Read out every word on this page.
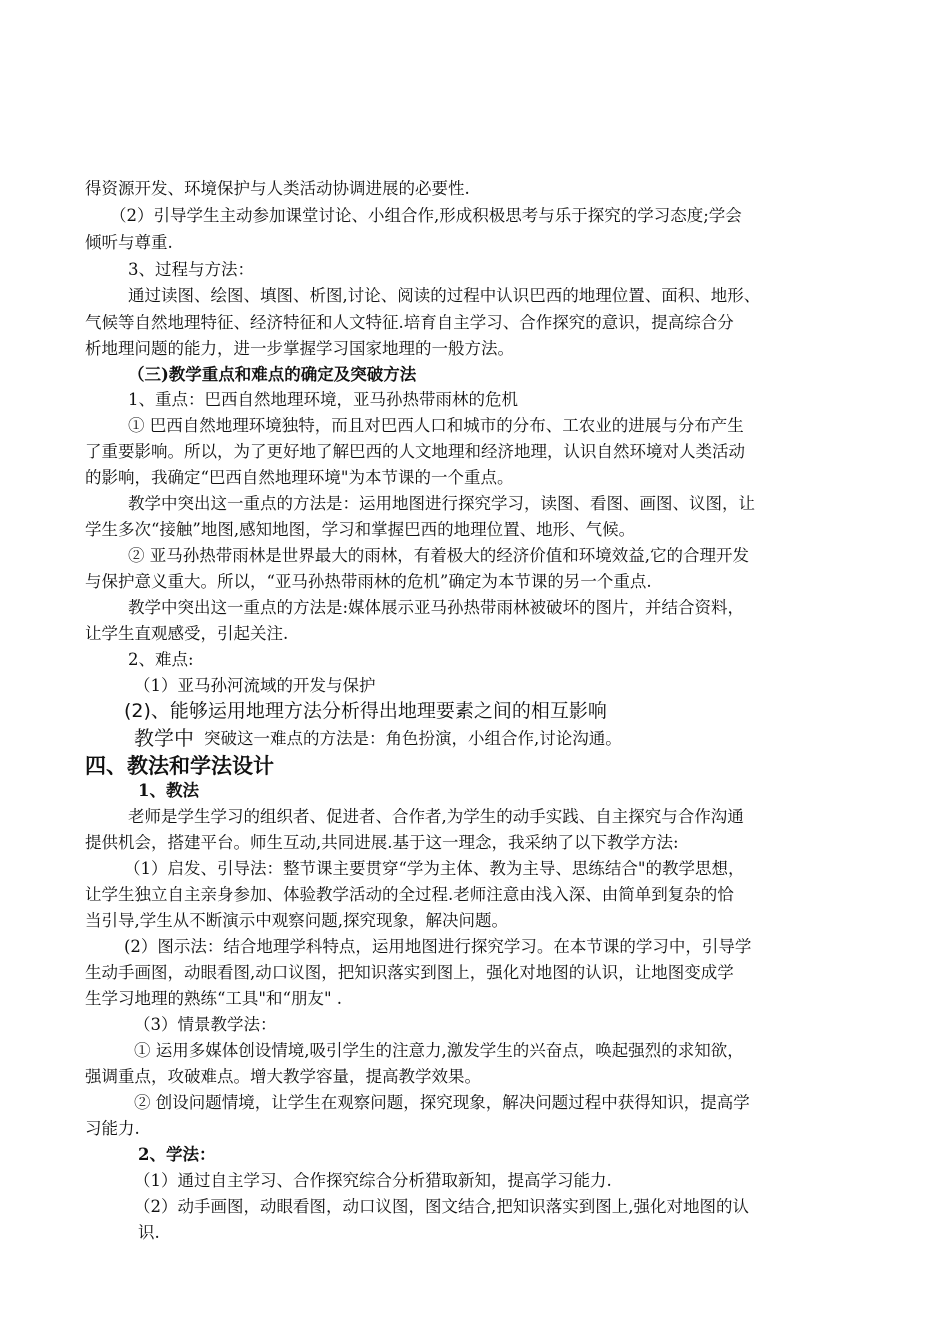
得资源开发、环境保护与人类活动协调进展的必要性.
（2）引导学生主动参加课堂讨论、小组合作,形成积极思考与乐于探究的学习态度;学会
倾听与尊重.
3、过程与方法：
通过读图、绘图、填图、析图,讨论、阅读的过程中认识巴西的地理位置、面积、地形、
气候等自然地理特征、经济特征和人文特征.培育自主学习、合作探究的意识，提高综合分
析地理问题的能力，进一步掌握学习国家地理的一般方法。
（三)教学重点和难点的确定及突破方法
1、重点：巴西自然地理环境，亚马孙热带雨林的危机
① 巴西自然地理环境独特，而且对巴西人口和城市的分布、工农业的进展与分布产生
了重要影响。所以，为了更好地了解巴西的人文地理和经济地理，认识自然环境对人类活动
的影响，我确定“巴西自然地理环境"为本节课的一个重点。
教学中突出这一重点的方法是：运用地图进行探究学习，读图、看图、画图、议图，让
学生多次“接触”地图,感知地图，学习和掌握巴西的地理位置、地形、气候。
② 亚马孙热带雨林是世界最大的雨林，有着极大的经济价值和环境效益,它的合理开发
与保护意义重大。所以，“亚马孙热带雨林的危机”确定为本节课的另一个重点.
教学中突出这一重点的方法是:媒体展示亚马孙热带雨林被破坏的图片，并结合资料，
让学生直观感受，引起关注.
2、难点:
（1）亚马孙河流域的开发与保护
(2)、能够运用地理方法分析得出地理要素之间的相互影响
教学中 突破这一难点的方法是：角色扮演，小组合作,讨论沟通。
四、教法和学法设计
1、教法
老师是学生学习的组织者、促进者、合作者,为学生的动手实践、自主探究与合作沟通
提供机会，搭建平台。师生互动,共同进展.基于这一理念，我采纳了以下教学方法:
（1）启发、引导法：整节课主要贯穿“学为主体、教为主导、思练结合"的教学思想，
让学生独立自主亲身参加、体验教学活动的全过程.老师注意由浅入深、由简单到复杂的恰
当引导,学生从不断演示中观察问题,探究现象，解决问题。
(2）图示法：结合地理学科特点，运用地图进行探究学习。在本节课的学习中，引导学
生动手画图，动眼看图,动口议图，把知识落实到图上，强化对地图的认识，让地图变成学
生学习地理的熟练“工具"和“朋友" .
（3）情景教学法：
① 运用多媒体创设情境,吸引学生的注意力,激发学生的兴奋点，唤起强烈的求知欲，
强调重点，攻破难点。增大教学容量，提高教学效果。
② 创设问题情境，让学生在观察问题，探究现象，解决问题过程中获得知识，提高学
习能力.
2、学法：
（1）通过自主学习、合作探究综合分析猎取新知，提高学习能力.
（2）动手画图，动眼看图，动口议图，图文结合,把知识落实到图上,强化对地图的认
识.
